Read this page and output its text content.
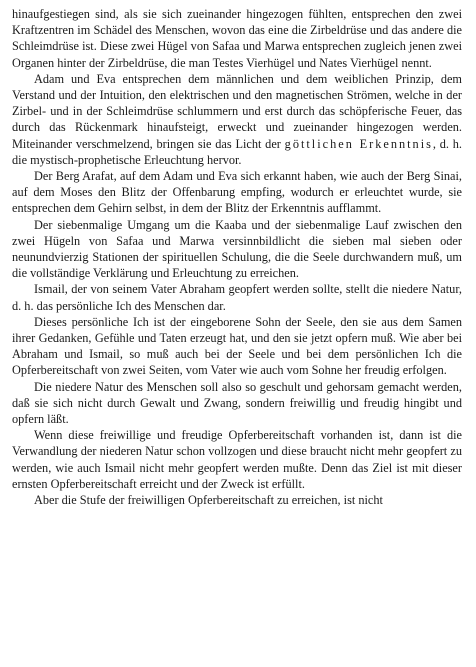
hinaufgestiegen sind, als sie sich zueinander hingezogen fühlten, entsprechen den zwei Kraftzentren im Schädel des Menschen, wovon das eine die Zirbeldrüse und das andere die Schleimdrüse ist. Diese zwei Hügel von Safaa und Marwa entsprechen zugleich jenen zwei Organen hinter der Zirbeldrüse, die man Testes Vierhügel und Nates Vierhügel nennt.

Adam und Eva entsprechen dem männlichen und dem weiblichen Prinzip, dem Verstand und der Intuition, den elektrischen und den magnetischen Strömen, welche in der Zirbel- und in der Schleimdrüse schlummern und erst durch das schöpferische Feuer, das durch das Rückenmark hinaufsteigt, erweckt und zueinander hingezogen werden. Miteinander verschmelzend, bringen sie das Licht der göttlichen Erkenntnis, d. h. die mystisch-prophetische Erleuchtung hervor.

Der Berg Arafat, auf dem Adam und Eva sich erkannt haben, wie auch der Berg Sinai, auf dem Moses den Blitz der Offenbarung empfing, wodurch er erleuchtet wurde, sie entsprechen dem Gehirn selbst, in dem der Blitz der Erkenntnis aufflammt.

Der siebenmalige Umgang um die Kaaba und der siebenmalige Lauf zwischen den zwei Hügeln von Safaa und Marwa versinnbildlicht die sieben mal sieben oder neunundvierzig Stationen der spirituellen Schulung, die die Seele durchwandern muß, um die vollständige Verklärung und Erleuchtung zu erreichen.

Ismail, der von seinem Vater Abraham geopfert werden sollte, stellt die niedere Natur, d. h. das persönliche Ich des Menschen dar.

Dieses persönliche Ich ist der eingeborene Sohn der Seele, den sie aus dem Samen ihrer Gedanken, Gefühle und Taten erzeugt hat, und den sie jetzt opfern muß. Wie aber bei Abraham und Ismail, so muß auch bei der Seele und bei dem persönlichen Ich die Opferbereitschaft von zwei Seiten, vom Vater wie auch vom Sohne her freudig erfolgen.

Die niedere Natur des Menschen soll also so geschult und gehorsam gemacht werden, daß sie sich nicht durch Gewalt und Zwang, sondern freiwillig und freudig hingibt und opfern läßt.

Wenn diese freiwillige und freudige Opferbereitschaft vorhanden ist, dann ist die Verwandlung der niederen Natur schon vollzogen und diese braucht nicht mehr geopfert zu werden, wie auch Ismail nicht mehr geopfert werden mußte. Denn das Ziel ist mit dieser ernsten Opferbereitschaft erreicht und der Zweck ist erfüllt.

Aber die Stufe der freiwilligen Opferbereitschaft zu erreichen, ist nicht
